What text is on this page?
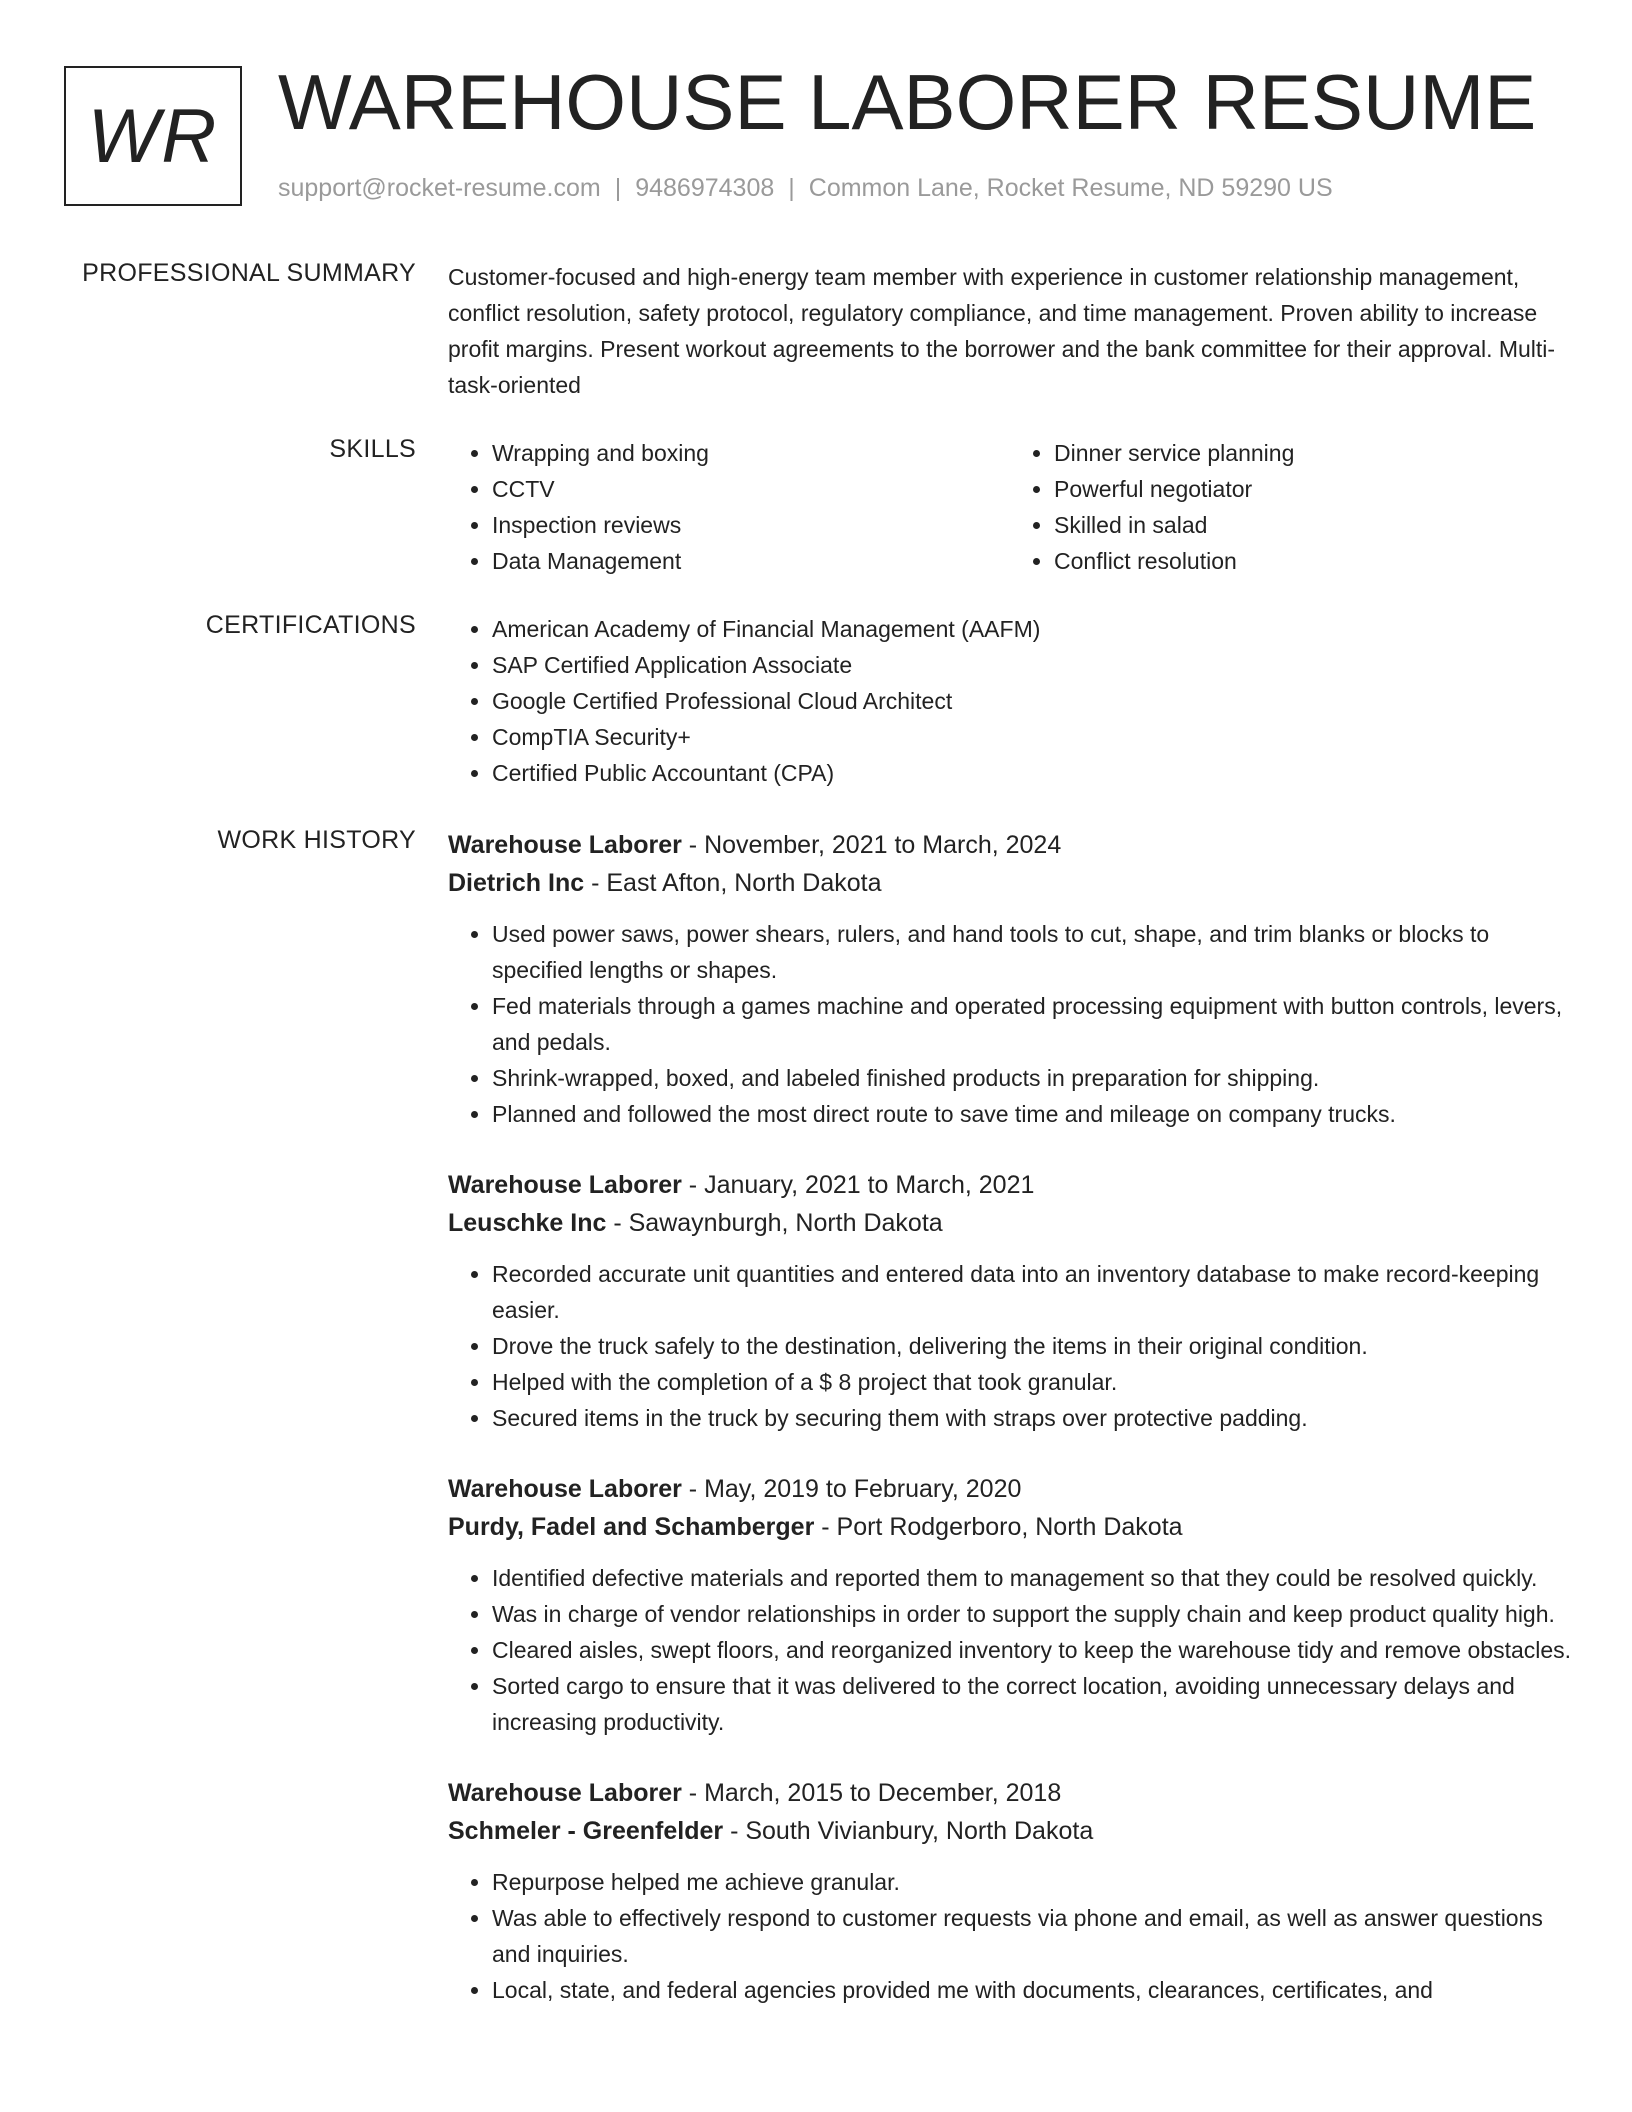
WR WAREHOUSE LABORER RESUME
support@rocket-resume.com | 9486974308 | Common Lane, Rocket Resume, ND 59290 US
PROFESSIONAL SUMMARY Customer-focused and high-energy team member with experience in customer relationship management, conflict resolution, safety protocol, regulatory compliance, and time management. Proven ability to increase profit margins. Present workout agreements to the borrower and the bank committee for their approval. Multi-task-oriented

SKILLS	• Wrapping and boxing
• CCTV
• Inspection reviews
• Data Management
• Dinner service planning
• Powerful negotiator
• Skilled in salad
• Conflict resolution
CERTIFICATIONS	• American Academy of Financial Management (AAFM)
• SAP Certified Application Associate
• Google Certified Professional Cloud Architect
• CompTIA Security+
• Certified Public Accountant (CPA)
WORK HISTORY Warehouse Laborer - November, 2021 to March, 2024
Dietrich Inc - East Afton, North Dakota
• Used power saws, power shears, rulers, and hand tools to cut, shape, and trim blanks or blocks to specified lengths or shapes.
• Fed materials through a games machine and operated processing equipment with button controls, levers, and pedals.
• Shrink-wrapped, boxed, and labeled finished products in preparation for shipping.
• Planned and followed the most direct route to save time and mileage on company trucks.
Warehouse Laborer - January, 2021 to March, 2021
Leuschke Inc - Sawaynburgh, North Dakota
• Recorded accurate unit quantities and entered data into an inventory database to make record-keeping easier.
• Drove the truck safely to the destination, delivering the items in their original condition.
• Helped with the completion of a $ 8 project that took granular.
• Secured items in the truck by securing them with straps over protective padding.
Warehouse Laborer - May, 2019 to February, 2020
Purdy, Fadel and Schamberger - Port Rodgerboro, North Dakota
• Identified defective materials and reported them to management so that they could be resolved quickly.
• Was in charge of vendor relationships in order to support the supply chain and keep product quality high.
• Cleared aisles, swept floors, and reorganized inventory to keep the warehouse tidy and remove obstacles.
• Sorted cargo to ensure that it was delivered to the correct location, avoiding unnecessary delays and increasing productivity.
Warehouse Laborer - March, 2015 to December, 2018
Schmeler - Greenfelder - South Vivianbury, North Dakota
• Repurpose helped me achieve granular.
• Was able to effectively respond to customer requests via phone and email, as well as answer questions and inquiries.
• Local, state, and federal agencies provided me with documents, clearances, certificates, and
